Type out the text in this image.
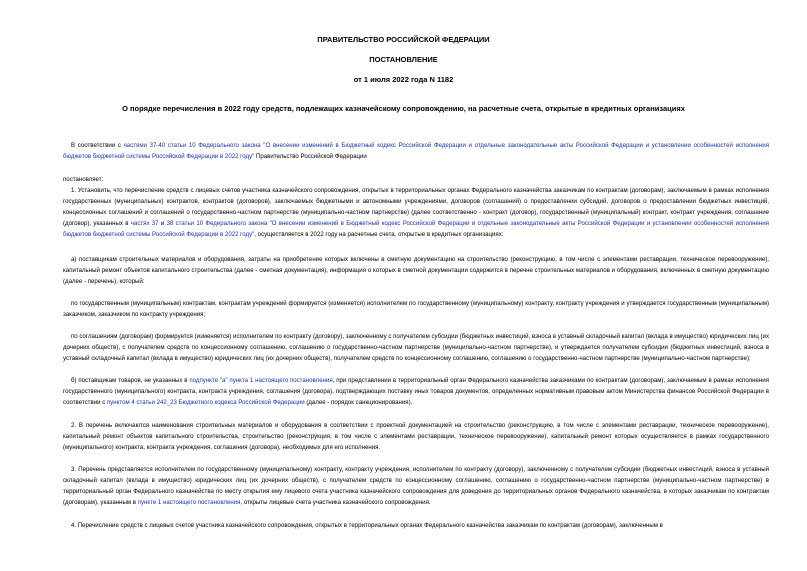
ПРАВИТЕЛЬСТВО РОССИЙСКОЙ ФЕДЕРАЦИИ
ПОСТАНОВЛЕНИЕ
от 1 июля 2022 года N 1182
О порядке перечисления в 2022 году средств, подлежащих казначейскому сопровождению, на расчетные счета, открытые в кредитных организациях
В соответствии с частями 37-40 статьи 10 Федерального закона "О внесении изменений в Бюджетный кодекс Российской Федерации и отдельные законодательные акты Российской Федерации и установлении особенностей исполнения бюджетов бюджетной системы Российской Федерации в 2022 году" Правительство Российской Федерации
постановляет:
1. Установить, что перечисление средств с лицевых счетов участника казначейского сопровождения, открытых в территориальных органах Федерального казначейства заказчикам по контрактам (договорам), заключаемым в рамках исполнения государственных (муниципальных) контрактов, контрактов (договоров), заключаемых бюджетными и автономными учреждениями, договоров (соглашений) о предоставлении субсидий, договоров о предоставлении бюджетных инвестиций, концессионных соглашений и соглашений о государственно-частном партнерстве (муниципально-частном партнерстве) (далее соответственно - контракт (договор), государственный (муниципальный) контракт, контракт учреждения, соглашение (договор), указанных в частях 37 и 38 статьи 10 Федерального закона "О внесении изменений в Бюджетный кодекс Российской Федерации и отдельные законодательные акты Российской Федерации и установлении особенностей исполнения бюджетов бюджетной системы Российской Федерации в 2022 году", осуществляется в 2022 году на расчетные счета, открытые в кредитных организациях:
а) поставщикам строительных материалов и оборудования, затраты на приобретение которых включены в сметную документацию на строительство (реконструкцию, в том числе с элементами реставрации, техническое перевооружение), капитальный ремонт объектов капитального строительства (далее - сметная документация), информация о которых в сметной документации содержится в перечне строительных материалов и оборудования, включенных в сметную документацию (далее - перечень), который:
по государственным (муниципальным) контрактам, контрактам учреждений формируется (изменяется) исполнителем по государственному (муниципальному) контракту, контракту учреждения и утверждается государственным (муниципальным) заказчиком, заказчиком по контракту учреждения;
по соглашениям (договорам) формируется (изменяется) исполнителем по контракту (договору), заключенному с получателем субсидии (бюджетных инвестиций, взноса в уставный складочный капитал (вклада в имущество) юридических лиц (их дочерних обществ), с получателем средств по концессионному соглашению, соглашению о государственно-частном партнерстве (муниципально-частном партнерстве), и утверждается получателем субсидии (бюджетных инвестиций, взноса в уставный складочный капитал (вклада в имущество) юридических лиц (их дочерних обществ), получателем средств по концессионному соглашению, соглашению о государственно-частном партнерстве (муниципально-частном партнерстве);
б) поставщикам товаров, не указанных в подпункте "а" пункта 1 настоящего постановления, при представлении в территориальный орган Федерального казначейства заказчиками по контрактам (договорам), заключаемым в рамках исполнения государственного (муниципального) контракта, контракта учреждения, соглашения (договора), подтверждающих поставку иных товаров документов, определенных нормативным правовым актом Министерства финансов Российской Федерации в соответствии с пунктом 4 статьи 242_23 Бюджетного кодекса Российской Федерации (далее - порядок санкционирования).
2. В перечень включаются наименования строительных материалов и оборудования в соответствии с проектной документацией на строительство (реконструкцию, в том числе с элементами реставрации, техническое перевооружение), капитальный ремонт объектов капитального строительства, строительство (реконструкция, в том числе с элементами реставрации, техническое перевооружение), капитальный ремонт которых осуществляется в рамках государственного (муниципального) контракта, контракта учреждения, соглашения (договора), необходимых для его исполнения.
3. Перечень представляется исполнителем по государственному (муниципальному) контракту, контракту учреждения, исполнителем по контракту (договору), заключенному с получателем субсидии (бюджетных инвестиций, взноса в уставный складочный капитал (вклада в имущество) юридических лиц (их дочерних обществ), с получателем средств по концессионному соглашению, соглашению о государственно-частном партнерстве (муниципально-частном партнерстве) в территориальный орган Федерального казначейства по месту открытия ему лицевого счета участника казначейского сопровождения для доведения до территориальных органов Федерального казначейства, в которых заказчикам по контрактам (договорам), указанным в пункте 1 настоящего постановления, открыты лицевые счета участника казначейского сопровождения.
4. Перечисление средств с лицевых счетов участника казначейского сопровождения, открытых в территориальных органах Федерального казначейства заказчикам по контрактам (договорам), заключенным в
